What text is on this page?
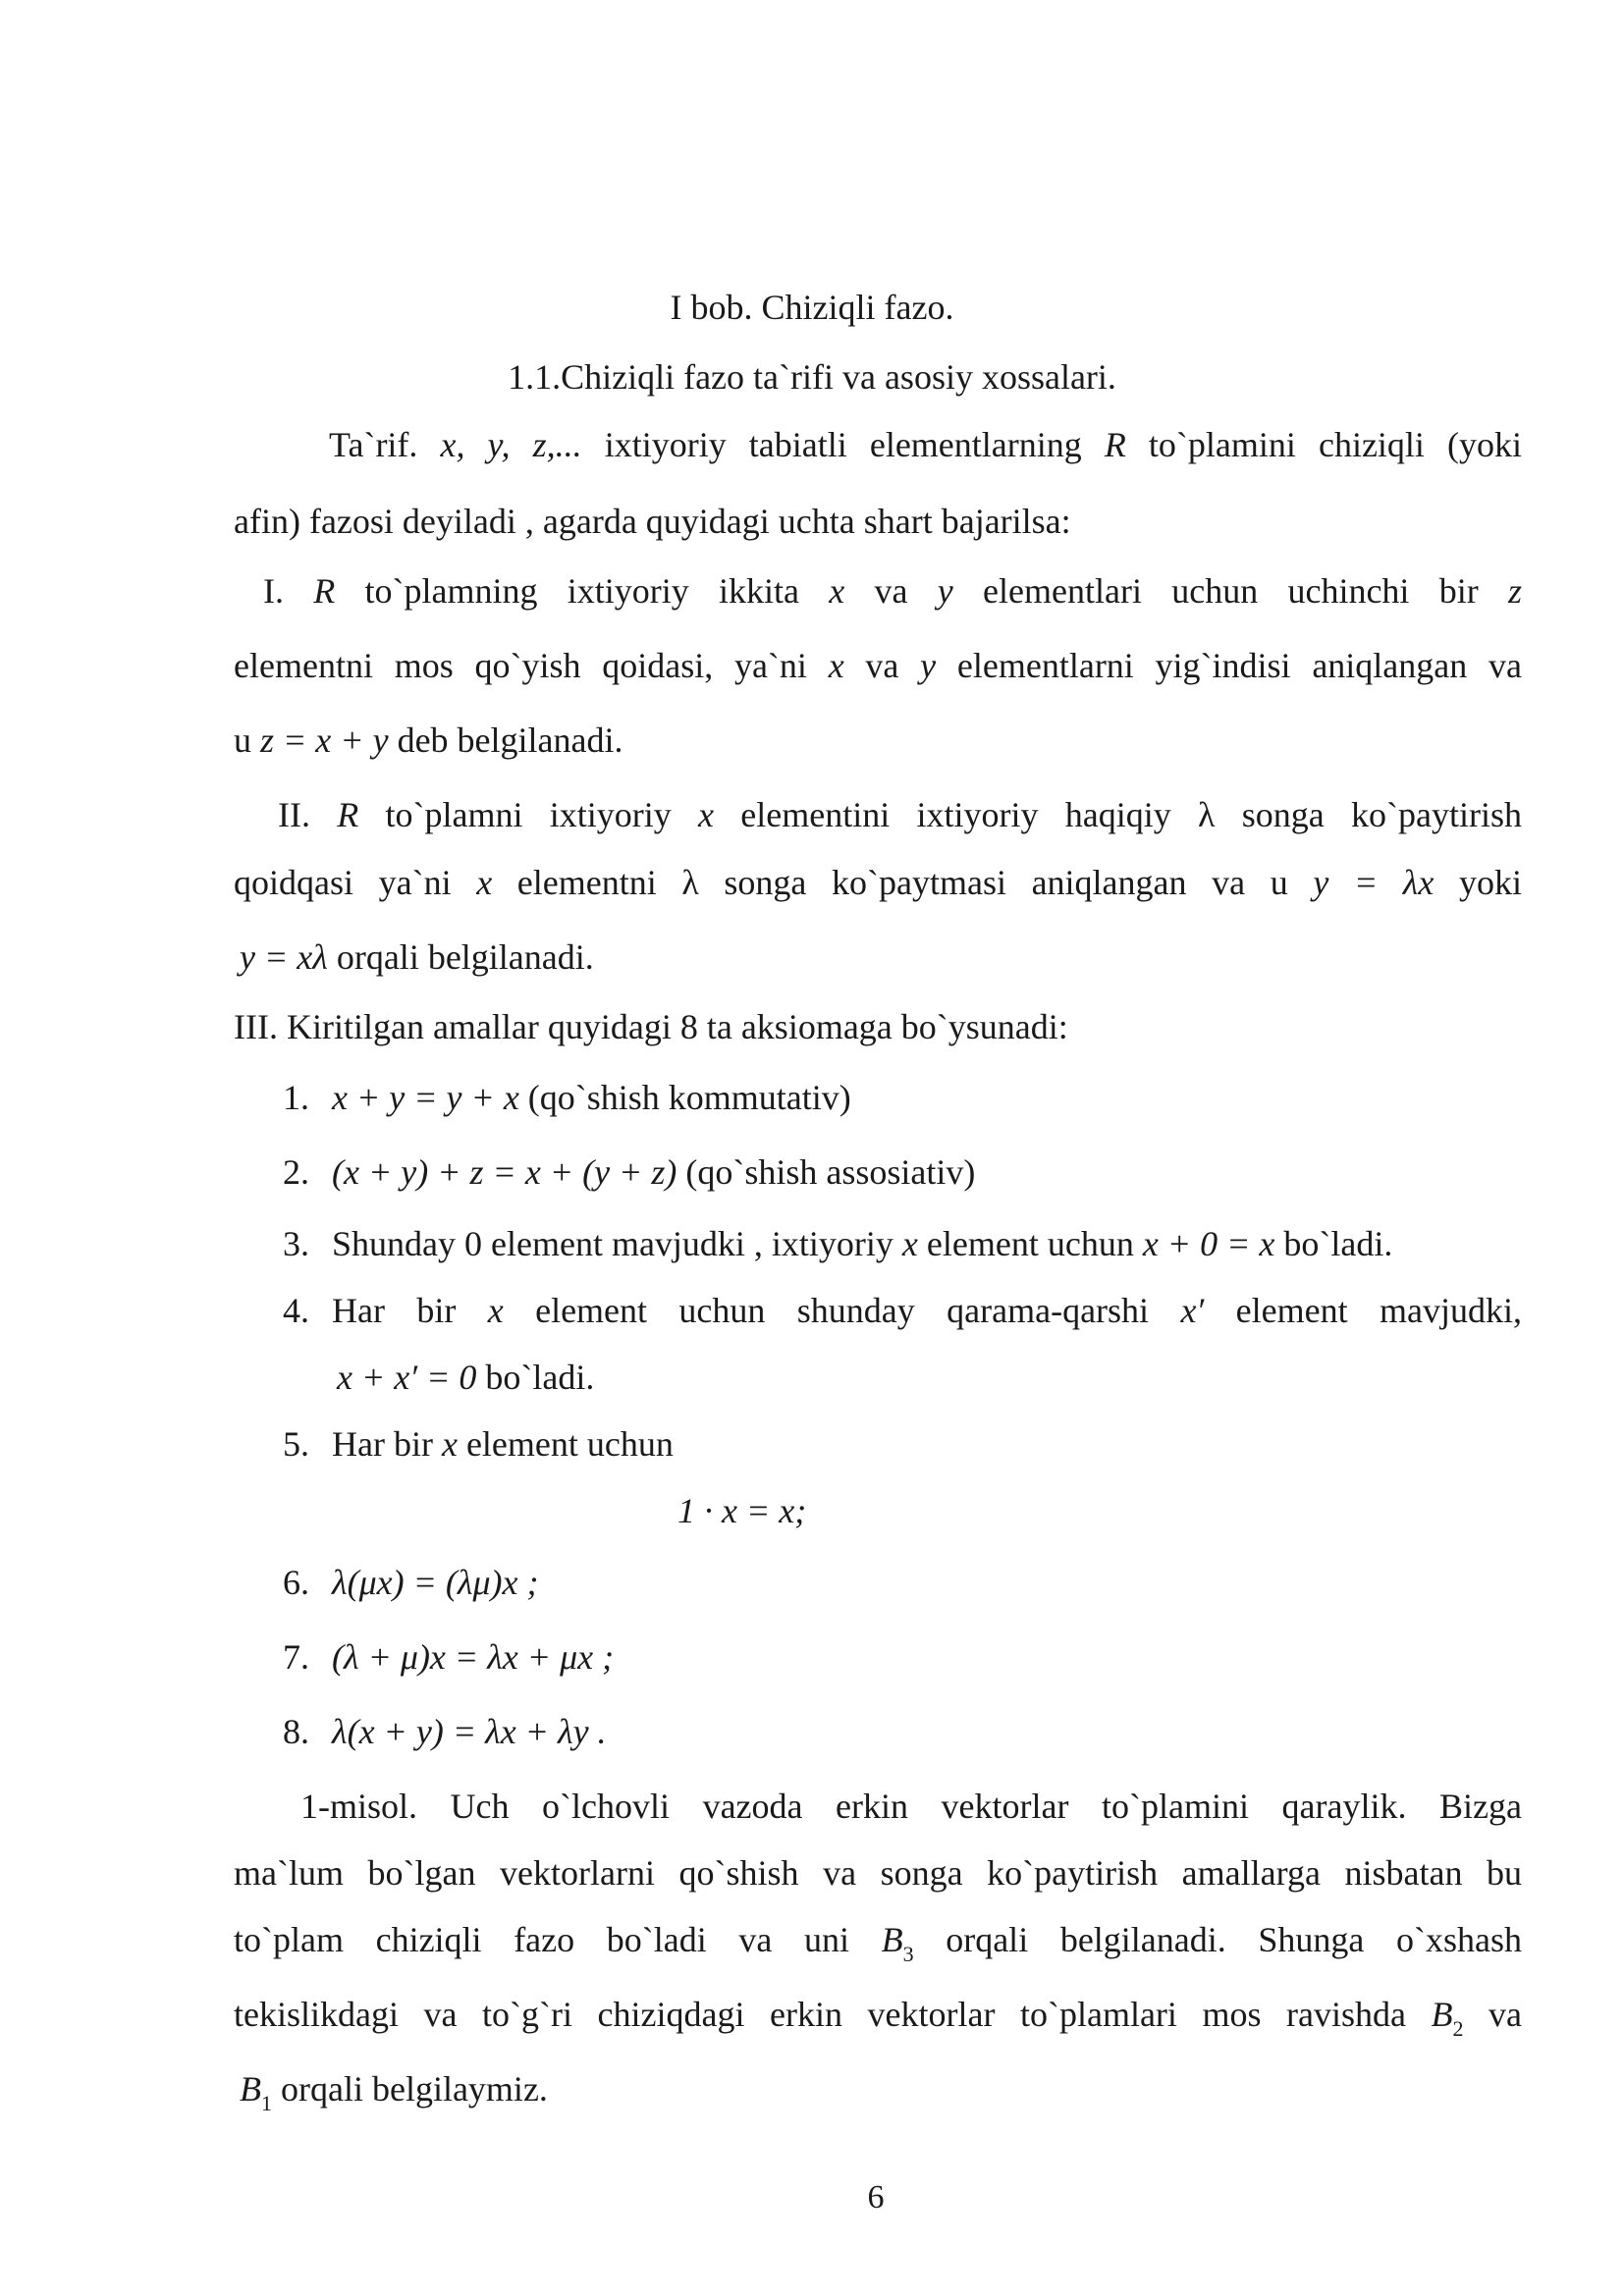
I bob. Chiziqli fazo.
1.1.Chiziqli fazo ta`rifi va asosiy xossalari.
Ta`rif. x, y, z,... ixtiyoriy tabiatli elementlarning R to`plamini chiziqli (yoki
afin) fazosi deyiladi , agarda quyidagi uchta shart bajarilsa:
I. R to`plamning ixtiyoriy ikkita x va y elementlari uchun uchinchi bir z
elementni mos qo`yish qoidasi, ya`ni x va y elementlarni yig`indisi aniqlangan va
u z = x + y deb belgilanadi.
II. R to`plamni ixtiyoriy x elementini ixtiyoriy haqiqiy λ songa ko`paytirish
qoidqasi ya`ni x elementni λ songa ko`paytmasi aniqlangan va u y = λx yoki
y = xλ orqali belgilanadi.
III. Kiritilgan amallar quyidagi 8 ta aksiomaga bo`ysunadi:
1. x + y = y + x (qo`shish kommutativ)
2. (x + y) + z = x + (y + z) (qo`shish assosiativ)
3. Shunday 0 element mavjudki , ixtiyoriy x element uchun x + 0 = x bo`ladi.
4. Har bir x element uchun shunday qarama-qarshi x′ element mavjudki,
x + x′ = 0 bo`ladi.
5. Har bir x element uchun
1 · x = x;
6. λ(μx) = (λμ)x ;
7. (λ + μ)x = λx + μx ;
8. λ(x + y) = λx + λy .
1-misol. Uch o`lchovli vazoda erkin vektorlar to`plamini qaraylik. Bizga
ma`lum bo`lgan vektorlarni qo`shish va songa ko`paytirish amallarga nisbatan bu
to`plam chiziqli fazo bo`ladi va uni $B_3$ orqali belgilanadi. Shunga o`xshash
tekislikdagi va to`g`ri chiziqdagi erkin vektorlar to`plamlari mos ravishda $B_2$ va
$B_1$ orqali belgilaymiz.
6
